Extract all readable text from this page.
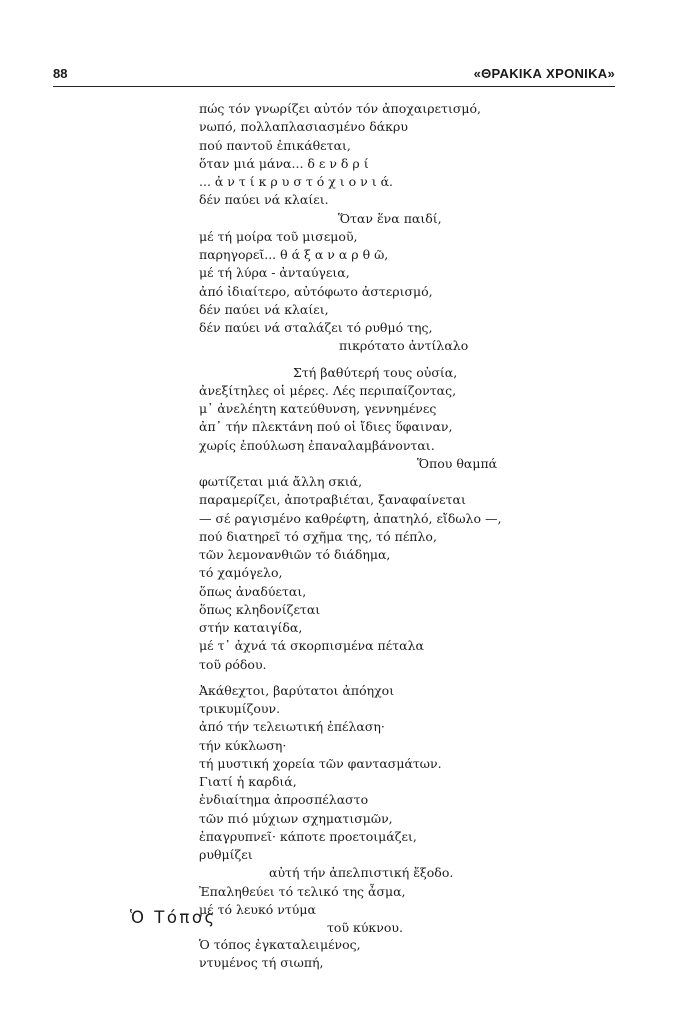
88	«ΘΡΑΚΙΚΑ ΧΡΟΝΙΚΑ»
πώς τόν γνωρίζει αὐτόν τόν ἀποχαιρετισμό,
νωπό, πολλαπλασιασμένο δάκρυ
πού παντοῦ ἐπικάθεται,
ὅταν μιά μάνα... δ ε ν δ ρ ί
... ἀ ν τ ί κ ρ υ σ τ ό χ ι ο ν ι ά.
δέν παύει νά κλαίει.
Ὅταν ἕνα παιδί,
μέ τή μοίρα τοῦ μισεμοῦ,
παρηγορεῖ... θ ά ξ α ν α ρ θ ῶ,
μέ τή λύρα - ἀνταύγεια,
ἀπό ἰδιαίτερο, αὐτόφωτο ἀστερισμό,
δέν παύει νά κλαίει,
δέν παύει νά σταλάζει τό ρυθμό της,
πικρότατο ἀντίλαλο
Στή βαθύτερή τους οὐσία,
ἀνεξίτηλες οἱ μέρες. Λές περιπαίζοντας,
μ᾽ ἀνελέητη κατεύθυνση, γεννημένες
ἀπ᾽ τήν πλεκτάνη πού οἱ ἴδιες ὕφαιναν,
χωρίς ἐπούλωση ἐπαναλαμβάνονται.
Ὅπου θαμπά
φωτίζεται μιά ἄλλη σκιά,
παραμερίζει, ἀποτραβιέται, ξαναφαίνεται
— σέ ραγισμένο καθρέφτη, ἀπατηλό, εἴδωλο —,
πού διατηρεῖ τό σχῆμα της, τό πέπλο,
τῶν λεμονανθιῶν τό διάδημα,
τό χαμόγελο,
ὅπως ἀναδύεται,
ὅπως κληδονίζεται
στήν καταιγίδα,
μέ τ᾽ ἀχνά τά σκορπισμένα πέταλα
τοῦ ρόδου.
Ἀκάθεχτοι, βαρύτατοι ἀπόηχοι
τρικυμίζουν.
ἀπό τήν τελειωτική ἐπέλαση·
τήν κύκλωση·
τή μυστική χορεία τῶν φαντασμάτων.
Γιατί ἡ καρδιά,
ἐνδιαίτημα ἀπροσπέλαστο
τῶν πιό μύχιων σχηματισμῶν,
ἐπαγρυπνεῖ· κάποτε προετοιμάζει,
ρυθμίζει
αὐτή τήν ἀπελπιστική ἔξοδο.
Ἐπαληθεύει τό τελικό της ἆσμα,
μέ τό λευκό ντύμα
τοῦ κύκνου.
Ὁ Τόπος
Ὁ τόπος ἐγκαταλειμένος,
ντυμένος τή σιωπή,
